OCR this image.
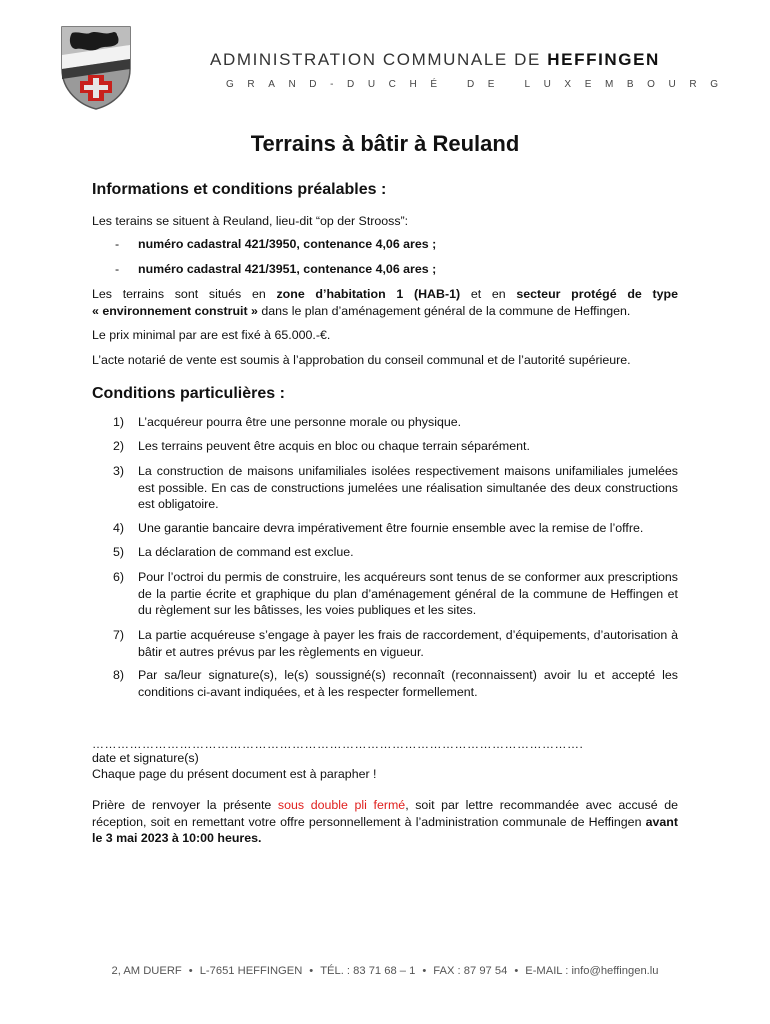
ADMINISTRATION COMMUNALE DE HEFFINGEN
GRAND-DUCHÉ DE LUXEMBOURG
Terrains à bâtir à Reuland
Informations et conditions préalables :
Les terains se situent à Reuland, lieu-dit “op der Strooss”:
- numéro cadastral 421/3950, contenance 4,06 ares ;
- numéro cadastral 421/3951, contenance 4,06 ares ;
Les terrains sont situés en zone d’habitation 1 (HAB-1) et en secteur protégé de type
« environnement construit » dans le plan d’aménagement général de la commune de Heffingen.
Le prix minimal par are est fixé à 65.000.-€.
L’acte notarié de vente est soumis à l’approbation du conseil communal et de l’autorité supérieure.
Conditions particulières :
1)	L’acquéreur pourra être une personne morale ou physique.
2)	Les terrains peuvent être acquis en bloc ou chaque terrain séparément.
3)	La construction de maisons unifamiliales isolées respectivement maisons unifamiliales jumelées est possible. En cas de constructions jumelées une réalisation simultanée des deux constructions est obligatoire.
4)	Une garantie bancaire devra impérativement être fournie ensemble avec la remise de l’offre.
5)	La déclaration de command est exclue.
6)	Pour l’octroi du permis de construire, les acquéreurs sont tenus de se conformer aux prescriptions de la partie écrite et graphique du plan d’aménagement général de la commune de Heffingen et du règlement sur les bâtisses, les voies publiques et les sites.
7)	La partie acquéreuse s’engage à payer les frais de raccordement, d’équipements, d’autorisation à bâtir et autres prévus par les règlements en vigueur.
8)	Par sa/leur signature(s), le(s) soussigné(s) reconnaît (reconnaissent) avoir lu et accepté les conditions ci-avant indiquées, et à les respecter formellement.
……………………………………………………………………………………………………….
date et signature(s)
Chaque page du présent document est à parapher !
Prière de renvoyer la présente sous double pli fermé, soit par lettre recommandée avec accusé de réception, soit en remettant votre offre personnellement à l’administration communale de Heffingen avant le 3 mai 2023 à 10:00 heures.
2, AM DUERF • L-7651 HEFFINGEN • TÉL. : 83 71 68 – 1 • FAX : 87 97 54 • E-MAIL : info@heffingen.lu
